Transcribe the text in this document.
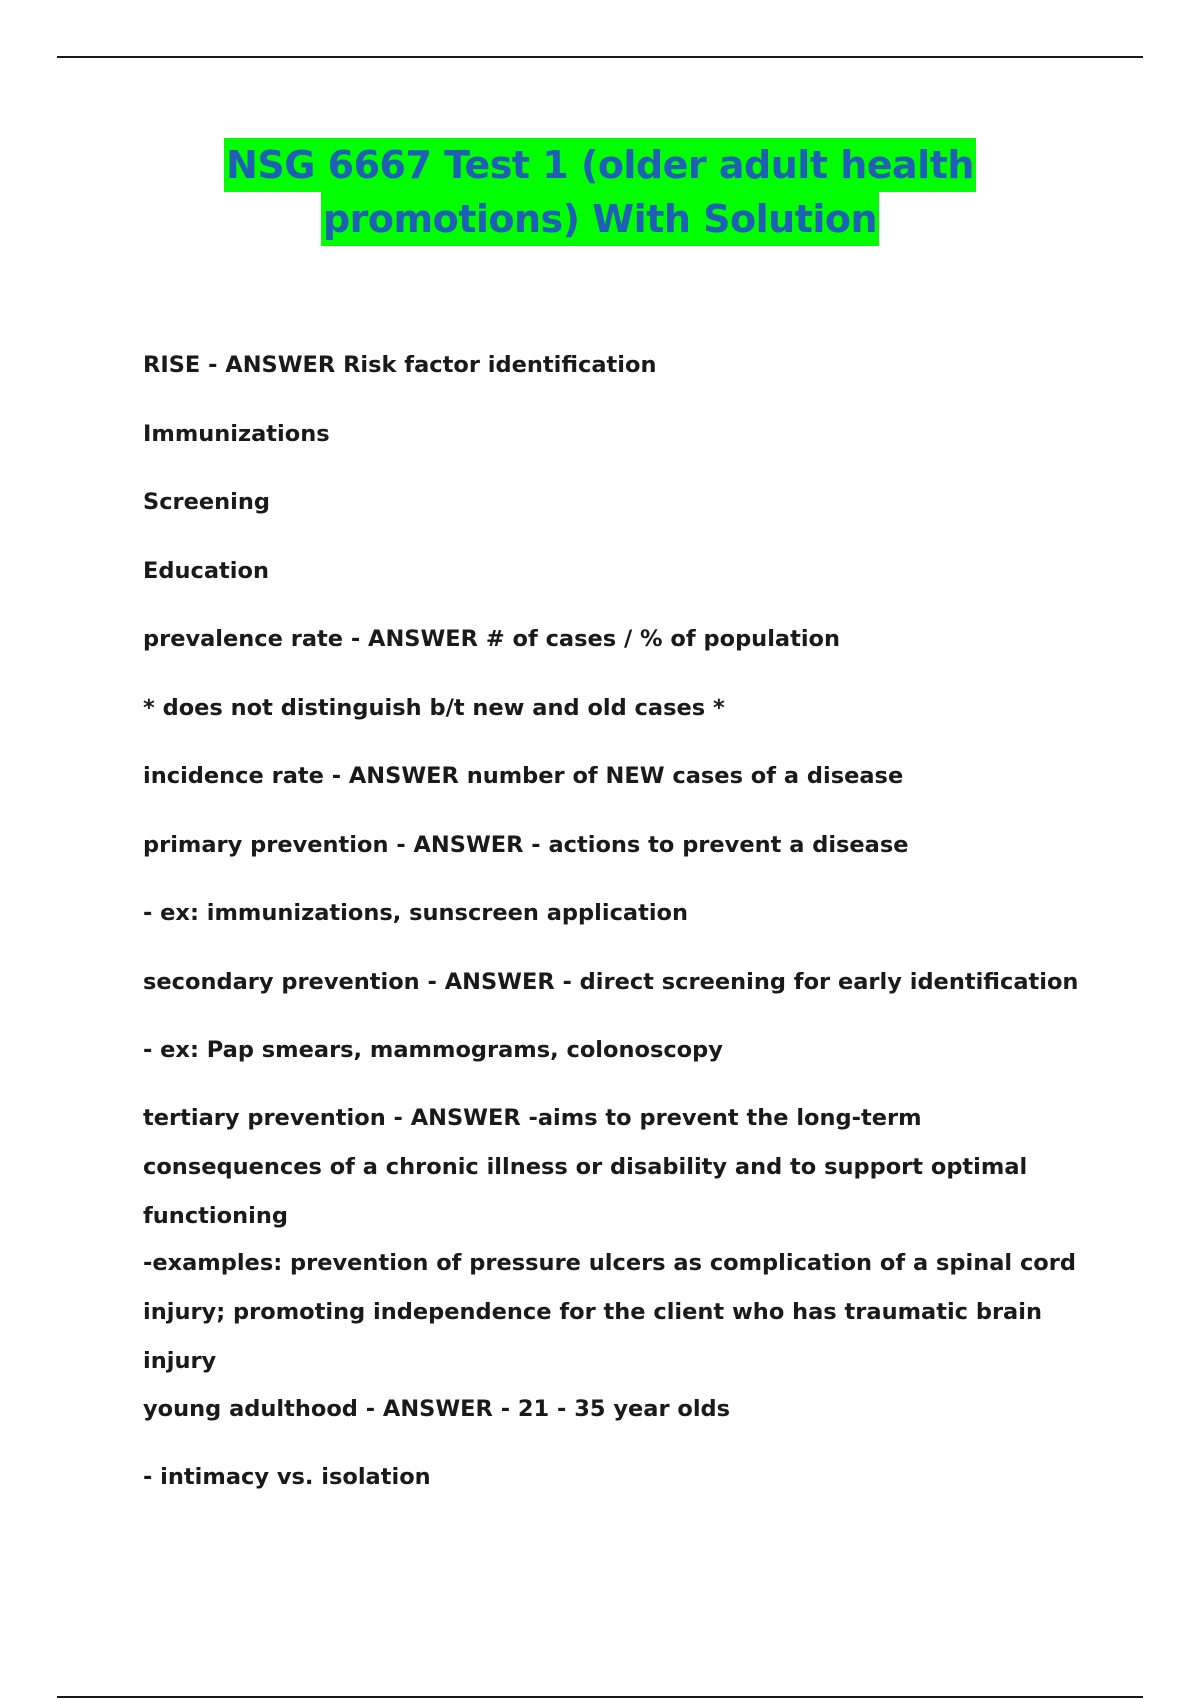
NSG 6667 Test 1 (older adult health
promotions) With Solution
RISE - ANSWER Risk factor identification
Immunizations
Screening
Education
prevalence rate - ANSWER # of cases / % of population
* does not distinguish b/t new and old cases *
incidence rate - ANSWER number of NEW cases of a disease
primary prevention - ANSWER - actions to prevent a disease
- ex: immunizations, sunscreen application
secondary prevention - ANSWER - direct screening for early identification
- ex: Pap smears, mammograms, colonoscopy
tertiary prevention - ANSWER -aims to prevent the long-term consequences of a chronic illness or disability and to support optimal functioning
-examples: prevention of pressure ulcers as complication of a spinal cord injury; promoting independence for the client who has traumatic brain injury
young adulthood - ANSWER - 21 - 35 year olds
- intimacy vs. isolation
